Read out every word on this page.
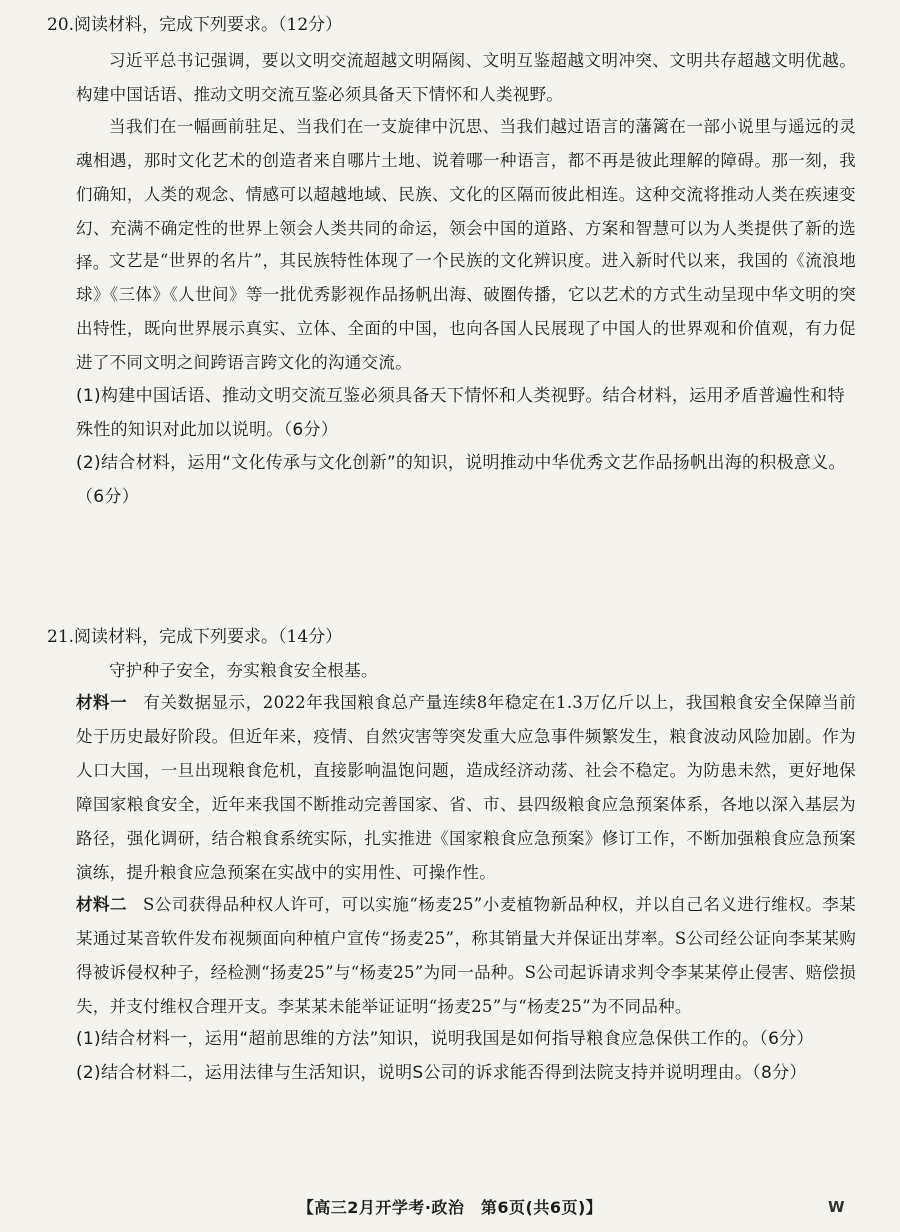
20.阅读材料，完成下列要求。（12分）
习近平总书记强调，要以文明交流超越文明隔阂、文明互鉴超越文明冲突、文明共存超越文明优越。构建中国话语、推动文明交流互鉴必须具备天下情怀和人类视野。
当我们在一幅画前驻足、当我们在一支旋律中沉思、当我们越过语言的藩篱在一部小说里与遥远的灵魂相遇，那时文化艺术的创造者来自哪片土地、说着哪一种语言，都不再是彼此理解的障碍。那一刻，我们确知，人类的观念、情感可以超越地域、民族、文化的区隔而彼此相连。这种交流将推动人类在疾速变幻、充满不确定性的世界上领会人类共同的命运，领会中国的道路、方案和智慧可以为人类提供了新的选择。 文艺是“世界的名片”，其民族特性体现了一个民族的文化辨识度。进入新时代以来，我国的《流浪地球》《三体》《人世间》等一批优秀影视作品扬帆出海、破圈传播，它以艺术的方式生动呈现中华文明的突出特性，既向世界展示真实、立体、全面的中国，也向各国人民展现了中国人的世界观和价值观，有力促进了不同文明之间跨语言跨文化的沟通交流。
(1)构建中国话语、推动文明交流互鉴必须具备天下情怀和人类视野。结合材料，运用矛盾普遍性和特殊性的知识对此加以说明。（6分）
(2)结合材料，运用“文化传承与文化创新”的知识，说明推动中华优秀文艺作品扬帆出海的积极意义。（6分）
21.阅读材料，完成下列要求。（14分）
守护种子安全，夯实粮食安全根基。
材料一 有关数据显示，2022年我国粮食总产量连续8年稳定在1.3万亿斤以上，我国粮食安全保障当前处于历史最好阶段。但近年来，疫情、自然灾害等突发重大应急事件频繁发生，粮食波动风险加剧。作为人口大国，一旦出现粮食危机，直接影响温饱问题，造成经济动荡、社会不稳定。为防患未然，更好地保障国家粮食安全，近年来我国不断推动完善国家、省、市、县四级粮食应急预案体系，各地以深入基层为路径，强化调研，结合粮食系统实际，扎实推进《国家粮食应急预案》修订工作，不断加强粮食应急预案演练，提升粮食应急预案在实战中的实用性、可操作性。
材料二 S公司获得品种权人许可，可以实施“杨麦25”小麦植物新品种权，并以自己名义进行维权。李某某通过某音软件发布视频面向种植户宣传“扬麦25”，称其销量大并保证出芽率。S公司经公证向李某某购得被诉侵权种子，经检测“扬麦25”与“杨麦25”为同一品种。S公司起诉请求判令李某某停止侵害、赔偿损失，并支付维权合理开支。李某某未能举证证明“扬麦25”与“杨麦25”为不同品种。
(1)结合材料一，运用“超前思维的方法”知识，说明我国是如何指导粮食应急保供工作的。（6分）
(2)结合材料二，运用法律与生活知识，说明S公司的诉求能否得到法院支持并说明理由。（8分）
【高三2月开学考·政治　第6页(共6页)】	W
